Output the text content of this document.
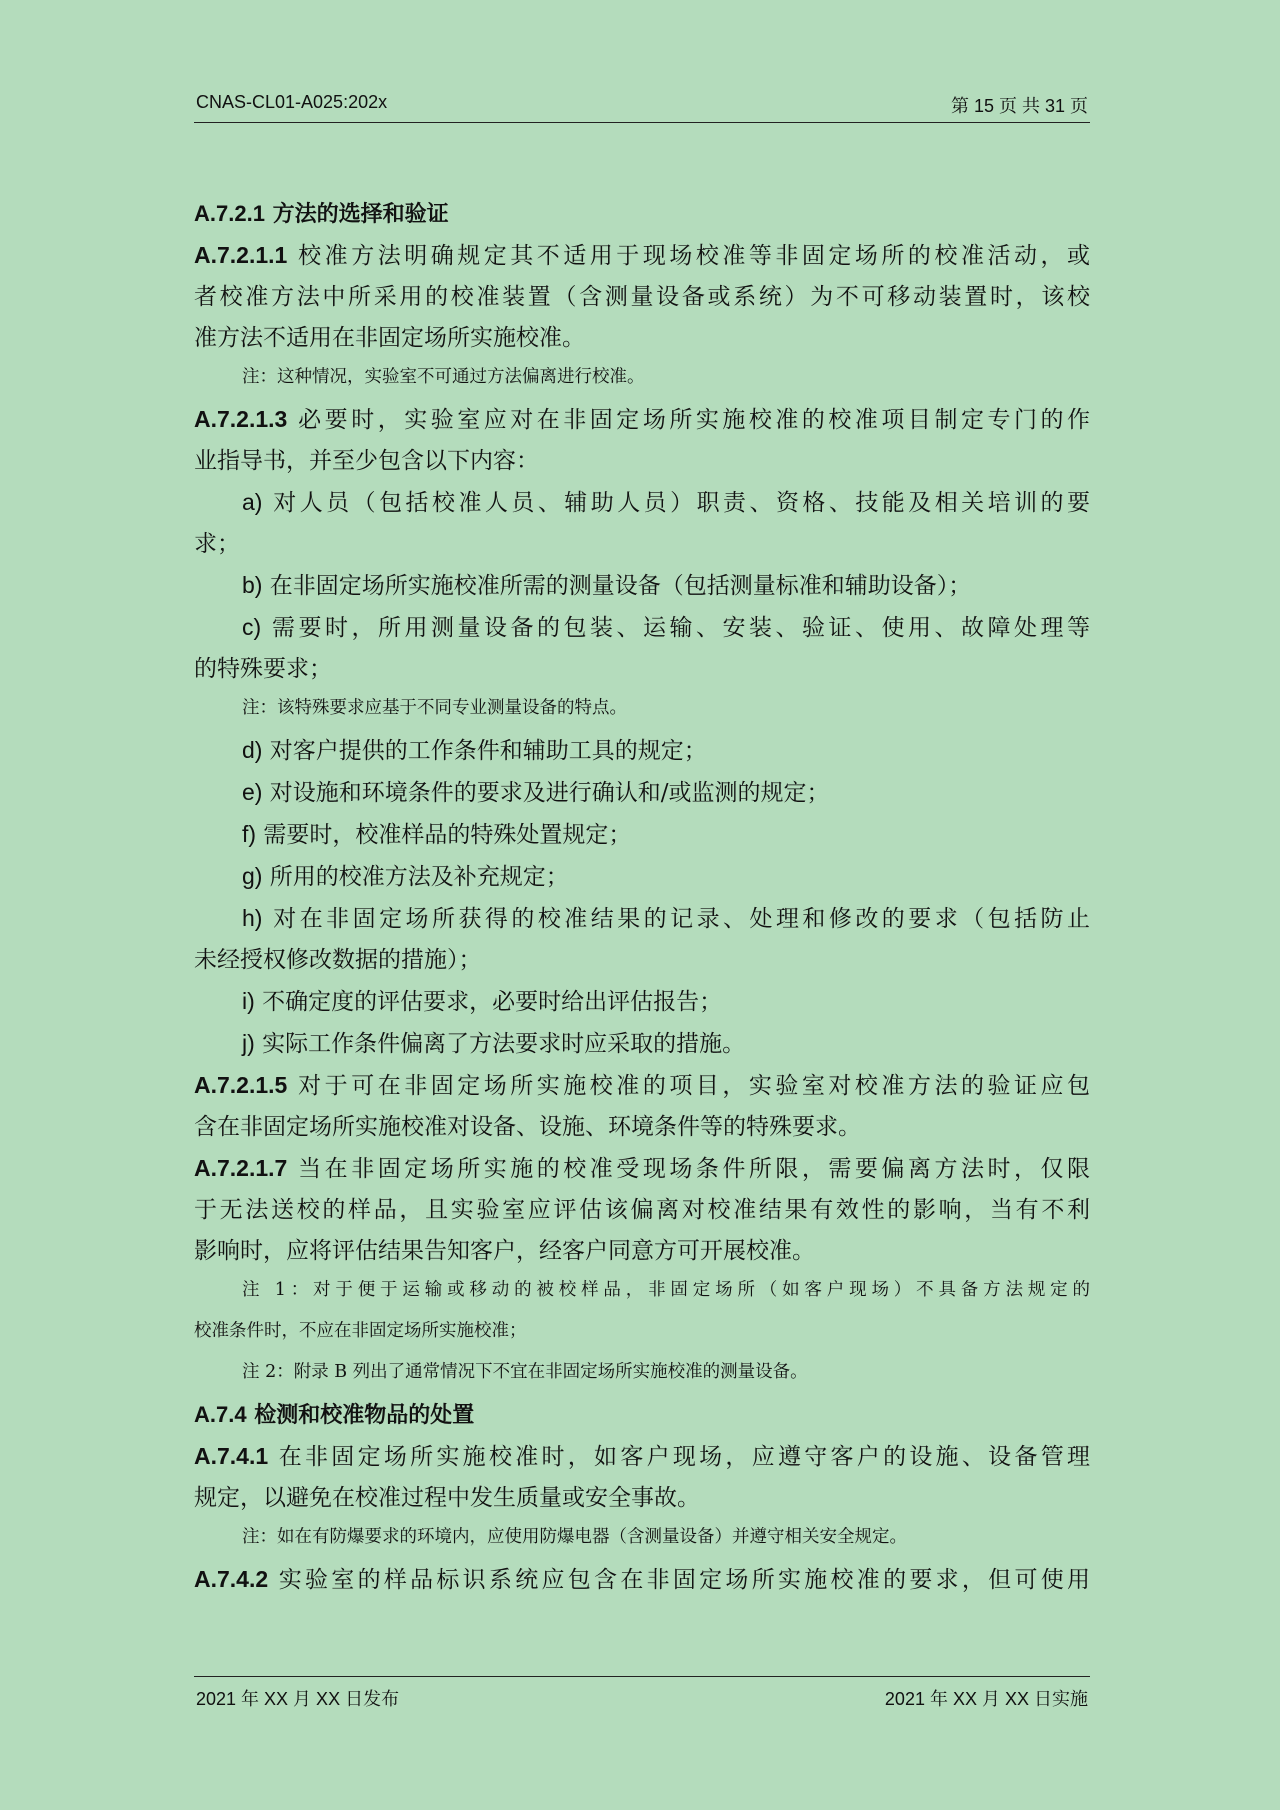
CNAS-CL01-A025:202x	第 15 页 共 31 页
A.7.2.1 方法的选择和验证
A.7.2.1.1 校准方法明确规定其不适用于现场校准等非固定场所的校准活动，或
者校准方法中所采用的校准装置（含测量设备或系统）为不可移动装置时，该校
准方法不适用在非固定场所实施校准。
注：这种情况，实验室不可通过方法偏离进行校准。
A.7.2.1.3 必要时，实验室应对在非固定场所实施校准的校准项目制定专门的作
业指导书，并至少包含以下内容：
a) 对人员（包括校准人员、辅助人员）职责、资格、技能及相关培训的要
求；
b) 在非固定场所实施校准所需的测量设备（包括测量标准和辅助设备）；
c) 需要时，所用测量设备的包装、运输、安装、验证、使用、故障处理等
的特殊要求；
注：该特殊要求应基于不同专业测量设备的特点。
d) 对客户提供的工作条件和辅助工具的规定；
e) 对设施和环境条件的要求及进行确认和/或监测的规定；
f) 需要时，校准样品的特殊处置规定；
g) 所用的校准方法及补充规定；
h) 对在非固定场所获得的校准结果的记录、处理和修改的要求（包括防止
未经授权修改数据的措施）；
i) 不确定度的评估要求，必要时给出评估报告；
j) 实际工作条件偏离了方法要求时应采取的措施。
A.7.2.1.5 对于可在非固定场所实施校准的项目，实验室对校准方法的验证应包
含在非固定场所实施校准对设备、设施、环境条件等的特殊要求。
A.7.2.1.7 当在非固定场所实施的校准受现场条件所限，需要偏离方法时，仅限
于无法送校的样品，且实验室应评估该偏离对校准结果有效性的影响，当有不利
影响时，应将评估结果告知客户，经客户同意方可开展校准。
注 1：对于便于运输或移动的被校样品，非固定场所（如客户现场）不具备方法规定的
校准条件时，不应在非固定场所实施校准；
注 2：附录 B 列出了通常情况下不宜在非固定场所实施校准的测量设备。
A.7.4 检测和校准物品的处置
A.7.4.1 在非固定场所实施校准时，如客户现场，应遵守客户的设施、设备管理
规定，以避免在校准过程中发生质量或安全事故。
注：如在有防爆要求的环境内，应使用防爆电器（含测量设备）并遵守相关安全规定。
A.7.4.2 实验室的样品标识系统应包含在非固定场所实施校准的要求，但可使用
2021 年 XX 月 XX 日发布	2021 年 XX 月 XX 日实施
